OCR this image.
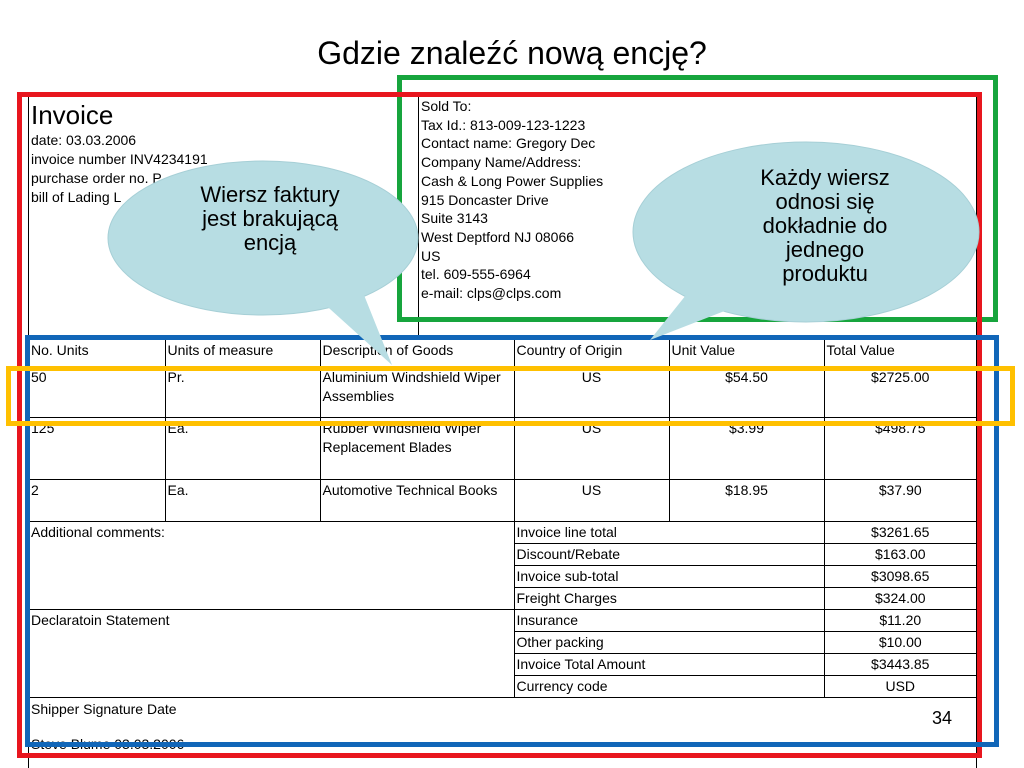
Gdzie znaleźć nową encję?
Invoice
date: 03.03.2006
invoice number INV4234191
purchase order no. P
bill of Lading L
Sold To:
Tax Id.: 813-009-123-1223
Contact name: Gregory Dec
Company Name/Address:
Cash & Long Power Supplies
915 Doncaster Drive
Suite 3143
West Deptford NJ 08066
US
tel. 609-555-6964
e-mail: clps@clps.com
No. Units	Units of measure	Description of Goods	Country of Origin	Unit Value	Total Value
50	Pr.	Aluminium Windshield Wiper Assemblies	US	$54.50	$2725.00
125	Ea.	Rubber Windshield Wiper Replacement Blades	US	$3.99	$498.75
2	Ea.	Automotive Technical Books	US	$18.95	$37.90
Additional comments:			Invoice line total		$3261.65
			Discount/Rebate		$163.00
			Invoice sub-total		$3098.65
			Freight Charges		$324.00
Declaratoin Statement			Insurance		$11.20
			Other packing		$10.00
			Invoice Total Amount		$3443.85
			Currency code		USD
Shipper Signature Date
Steve Blume 03.03.2006
Wiersz faktury
jest brakującą
encją
Każdy wiersz
odnosi się
dokładnie do
jednego
produktu
34
